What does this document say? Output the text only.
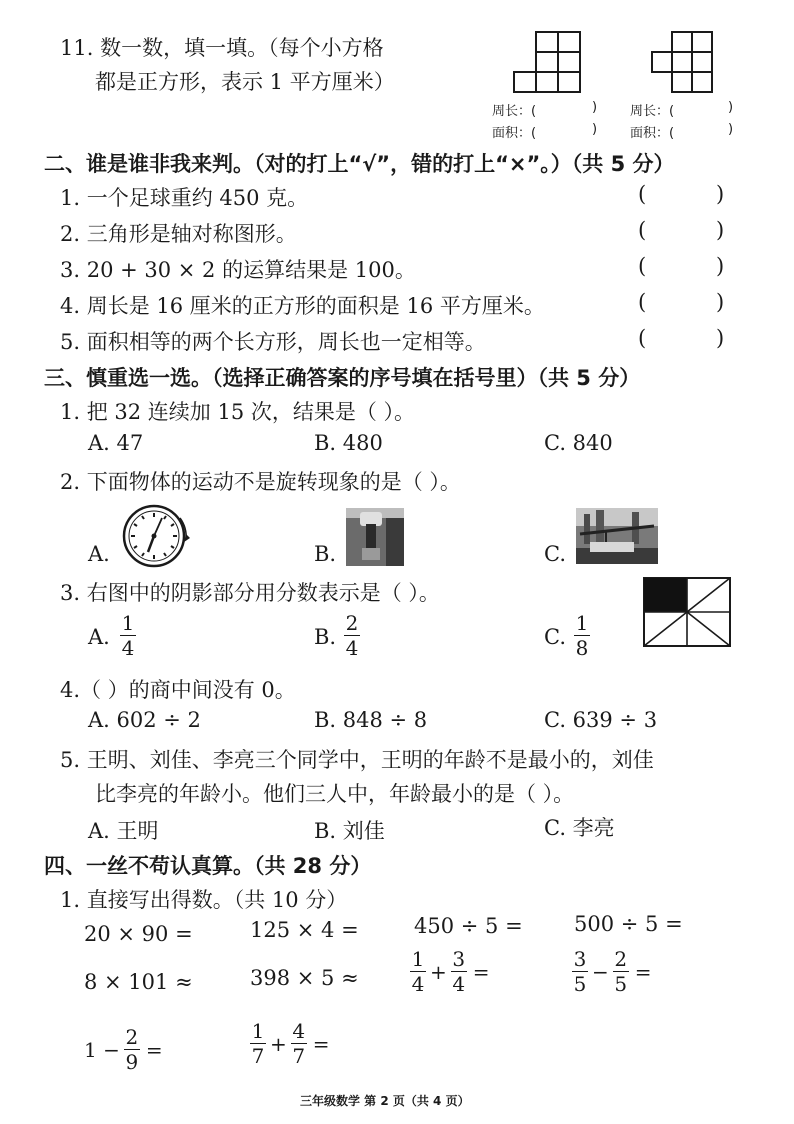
11. 数一数，填一填。（每个小方格
都是正方形，表示 1 平方厘米）
周长：(	)
面积：(	)
周长：(	)
面积：(	)
二、谁是谁非我来判。（对的打上“√”，错的打上“×”。）（共 5 分）
1. 一个足球重约 450 克。	(	)
2. 三角形是轴对称图形。	(	)
3. 20 + 30 × 2 的运算结果是 100。	(	)
4. 周长是 16 厘米的正方形的面积是 16 平方厘米。	(	)
5. 面积相等的两个长方形，周长也一定相等。	(	)
三、慎重选一选。（选择正确答案的序号填在括号里）（共 5 分）
1. 把 32 连续加 15 次，结果是（ ）。
A. 47	B. 480	C. 840
2. 下面物体的运动不是旋转现象的是（ ）。
A.	B.	C.
3. 右图中的阴影部分用分数表示是（ ）。
A.
1
4	B.
2
4	C.
1
8
4.（ ）的商中间没有 0。
A. 602 ÷ 2	B. 848 ÷ 8	C. 639 ÷ 3
5. 王明、刘佳、李亮三个同学中，王明的年龄不是最小的，刘佳
比李亮的年龄小。他们三人中，年龄最小的是（ ）。
A. 王明	B. 刘佳	C. 李亮
四、一丝不苟认真算。（共 28 分）
1. 直接写出得数。（共 10 分）
20 × 90 =	125 × 4 =	450 ÷ 5 = 500 ÷ 5 =
8 × 101 ≈	398 × 5 ≈
1
4
+
3
4
=
3
5
−
2
5
=
1 −
2
9
=
1
7
+
4
7
=
三年级数学 第 2 页（共 4 页）
